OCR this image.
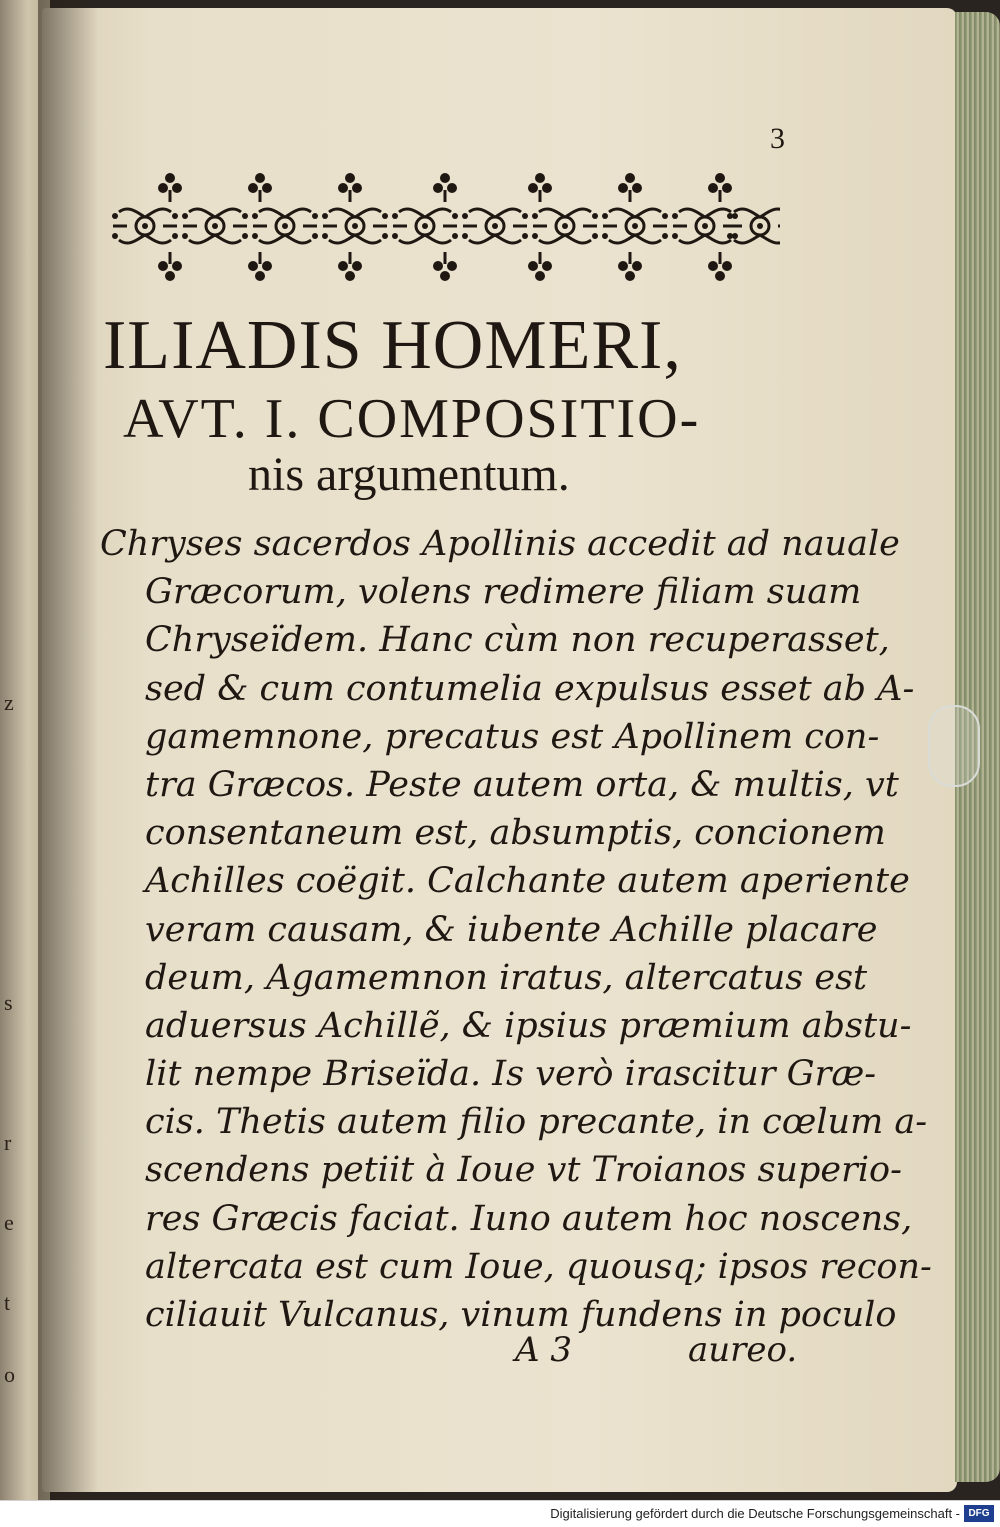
z
s
r
e
t
o
3
ILIADIS HOMERI,
AVT. I. COMPOSITIO-
nis argumentum.
Chryses sacerdos Apollinis accedit ad nauale
Græcorum, volens redimere filiam suam
Chryseïdem. Hanc cùm non recuperasset,
sed & cum contumelia expulsus esset ab A-
gamemnone, precatus est Apollinem con-
tra Græcos. Peste autem orta, & multis, vt
consentaneum est, absumptis, concionem
Achilles coëgit. Calchante autem aperiente
veram causam, & iubente Achille placare
deum, Agamemnon iratus, altercatus est
aduersus Achillẽ, & ipsius præmium abstu-
lit nempe Briseïda. Is verò irascitur Græ-
cis. Thetis autem filio precante, in cœlum a-
scendens petiit à Ioue vt Troianos superio-
res Græcis faciat. Iuno autem hoc noscens,
altercata est cum Ioue, quousq; ipsos recon-
ciliauit Vulcanus, vinum fundens in poculo
A 3	aureo.
Digitalisierung gefördert durch die Deutsche Forschungsgemeinschaft - DFG
